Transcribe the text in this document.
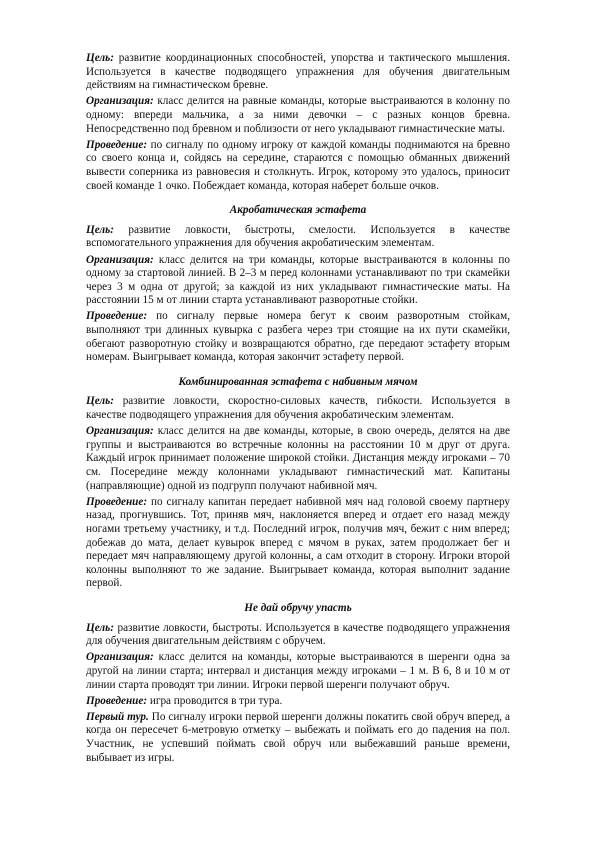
Цель: развитие координационных способностей, упорства и тактического мышления. Используется в качестве подводящего упражнения для обучения двигательным действиям на гимнастическом бревне.

Организация: класс делится на равные команды, которые выстраиваются в колонну по одному: впереди мальчика, а за ними девочки – с разных концов бревна. Непосредственно под бревном и поблизости от него укладывают гимнастические маты.

Проведение: по сигналу по одному игроку от каждой команды поднимаются на бревно со своего конца и, сойдясь на середине, стараются с помощью обманных движений вывести соперника из равновесия и столкнуть. Игрок, которому это удалось, приносит своей команде 1 очко. Побеждает команда, которая наберет больше очков.

Акробатическая эстафета

Цель: развитие ловкости, быстроты, смелости. Используется в качестве вспомогательного упражнения для обучения акробатическим элементам.

Организация: класс делится на три команды, которые выстраиваются в колонны по одному за стартовой линией. В 2–3 м перед колоннами устанавливают по три скамейки через 3 м одна от другой; за каждой из них укладывают гимнастические маты. На расстоянии 15 м от линии старта устанавливают разворотные стойки.

Проведение: по сигналу первые номера бегут к своим разворотным стойкам, выполняют три длинных кувырка с разбега через три стоящие на их пути скамейки, обегают разворотную стойку и возвращаются обратно, где передают эстафету вторым номерам. Выигрывает команда, которая закончит эстафету первой.

Комбинированная эстафета с набивным мячом

Цель: развитие ловкости, скоростно-силовых качеств, гибкости. Используется в качестве подводящего упражнения для обучения акробатическим элементам.

Организация: класс делится на две команды, которые, в свою очередь, делятся на две группы и выстраиваются во встречные колонны на расстоянии 10 м друг от друга. Каждый игрок принимает положение широкой стойки. Дистанция между игроками – 70 см. Посередине между колоннами укладывают гимнастический мат. Капитаны (направляющие) одной из подгрупп получают набивной мяч.

Проведение: по сигналу капитан передает набивной мяч над головой своему партнеру назад, прогнувшись. Тот, приняв мяч, наклоняется вперед и отдает его назад между ногами третьему участнику, и т.д. Последний игрок, получив мяч, бежит с ним вперед; добежав до мата, делает кувырок вперед с мячом в руках, затем продолжает бег и передает мяч направляющему другой колонны, а сам отходит в сторону. Игроки второй колонны выполняют то же задание. Выигрывает команда, которая выполнит задание первой.

Не дай обручу упасть

Цель: развитие ловкости, быстроты. Используется в качестве подводящего упражнения для обучения двигательным действиям с обручем.

Организация: класс делится на команды, которые выстраиваются в шеренги одна за другой на линии старта; интервал и дистанция между игроками – 1 м. В 6, 8 и 10 м от линии старта проводят три линии. Игроки первой шеренги получают обруч.

Проведение: игра проводится в три тура.

Первый тур. По сигналу игроки первой шеренги должны покатить свой обруч вперед, а когда он пересечет 6-метровую отметку – выбежать и поймать его до падения на пол. Участник, не успевший поймать свой обруч или выбежавший раньше времени, выбывает из игры.
